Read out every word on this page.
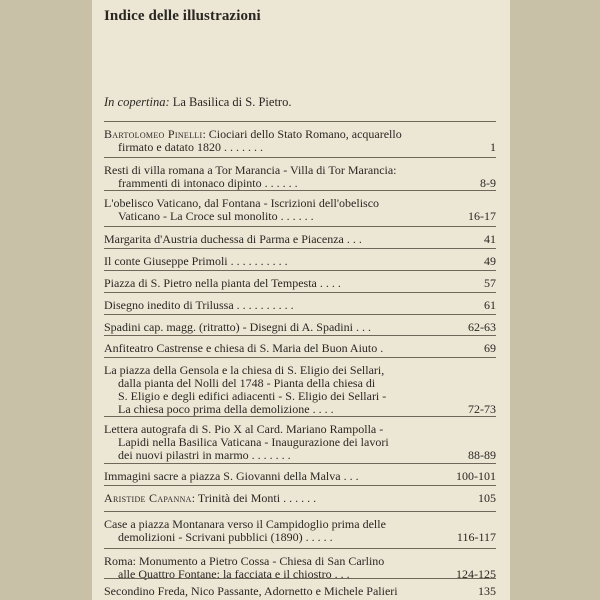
Indice delle illustrazioni
In copertina: La Basilica di S. Pietro.
Bartolomeo Pinelli: Ciociari dello Stato Romano, acquarello
firmato e datato 1820 . . . . . . .	1
Resti di villa romana a Tor Marancia - Villa di Tor Marancia:
frammenti di intonaco dipinto . . . . . .	8-9
L'obelisco Vaticano, dal Fontana - Iscrizioni dell'obelisco
Vaticano - La Croce sul monolito . . . . . .	16-17
Margarita d'Austria duchessa di Parma e Piacenza . . .	41
Il conte Giuseppe Primoli . . . . . . . . . .	49
Piazza di S. Pietro nella pianta del Tempesta . . . .	57
Disegno inedito di Trilussa . . . . . . . . . .	61
Spadini cap. magg. (ritratto) - Disegni di A. Spadini . . .	62-63
Anfiteatro Castrense e chiesa di S. Maria del Buon Aiuto .	69
La piazza della Gensola e la chiesa di S. Eligio dei Sellari,
dalla pianta del Nolli del 1748 - Pianta della chiesa di
S. Eligio e degli edifici adiacenti - S. Eligio dei Sellari -
La chiesa poco prima della demolizione . . . .	72-73
Lettera autografa di S. Pio X al Card. Mariano Rampolla -
Lapidi nella Basilica Vaticana - Inaugurazione dei lavori
dei nuovi pilastri in marmo . . . . . . .	88-89
Immagini sacre a piazza S. Giovanni della Malva . . .	100-101
Aristide Capanna: Trinità dei Monti . . . . . .	105
Case a piazza Montanara verso il Campidoglio prima delle
demolizioni - Scrivani pubblici (1890) . . . . .	116-117
Roma: Monumento a Pietro Cossa - Chiesa di San Carlino
alle Quattro Fontane: la facciata e il chiostro . . .	124-125
Secondino Freda, Nico Passante, Adornetto e Michele Palieri	135
